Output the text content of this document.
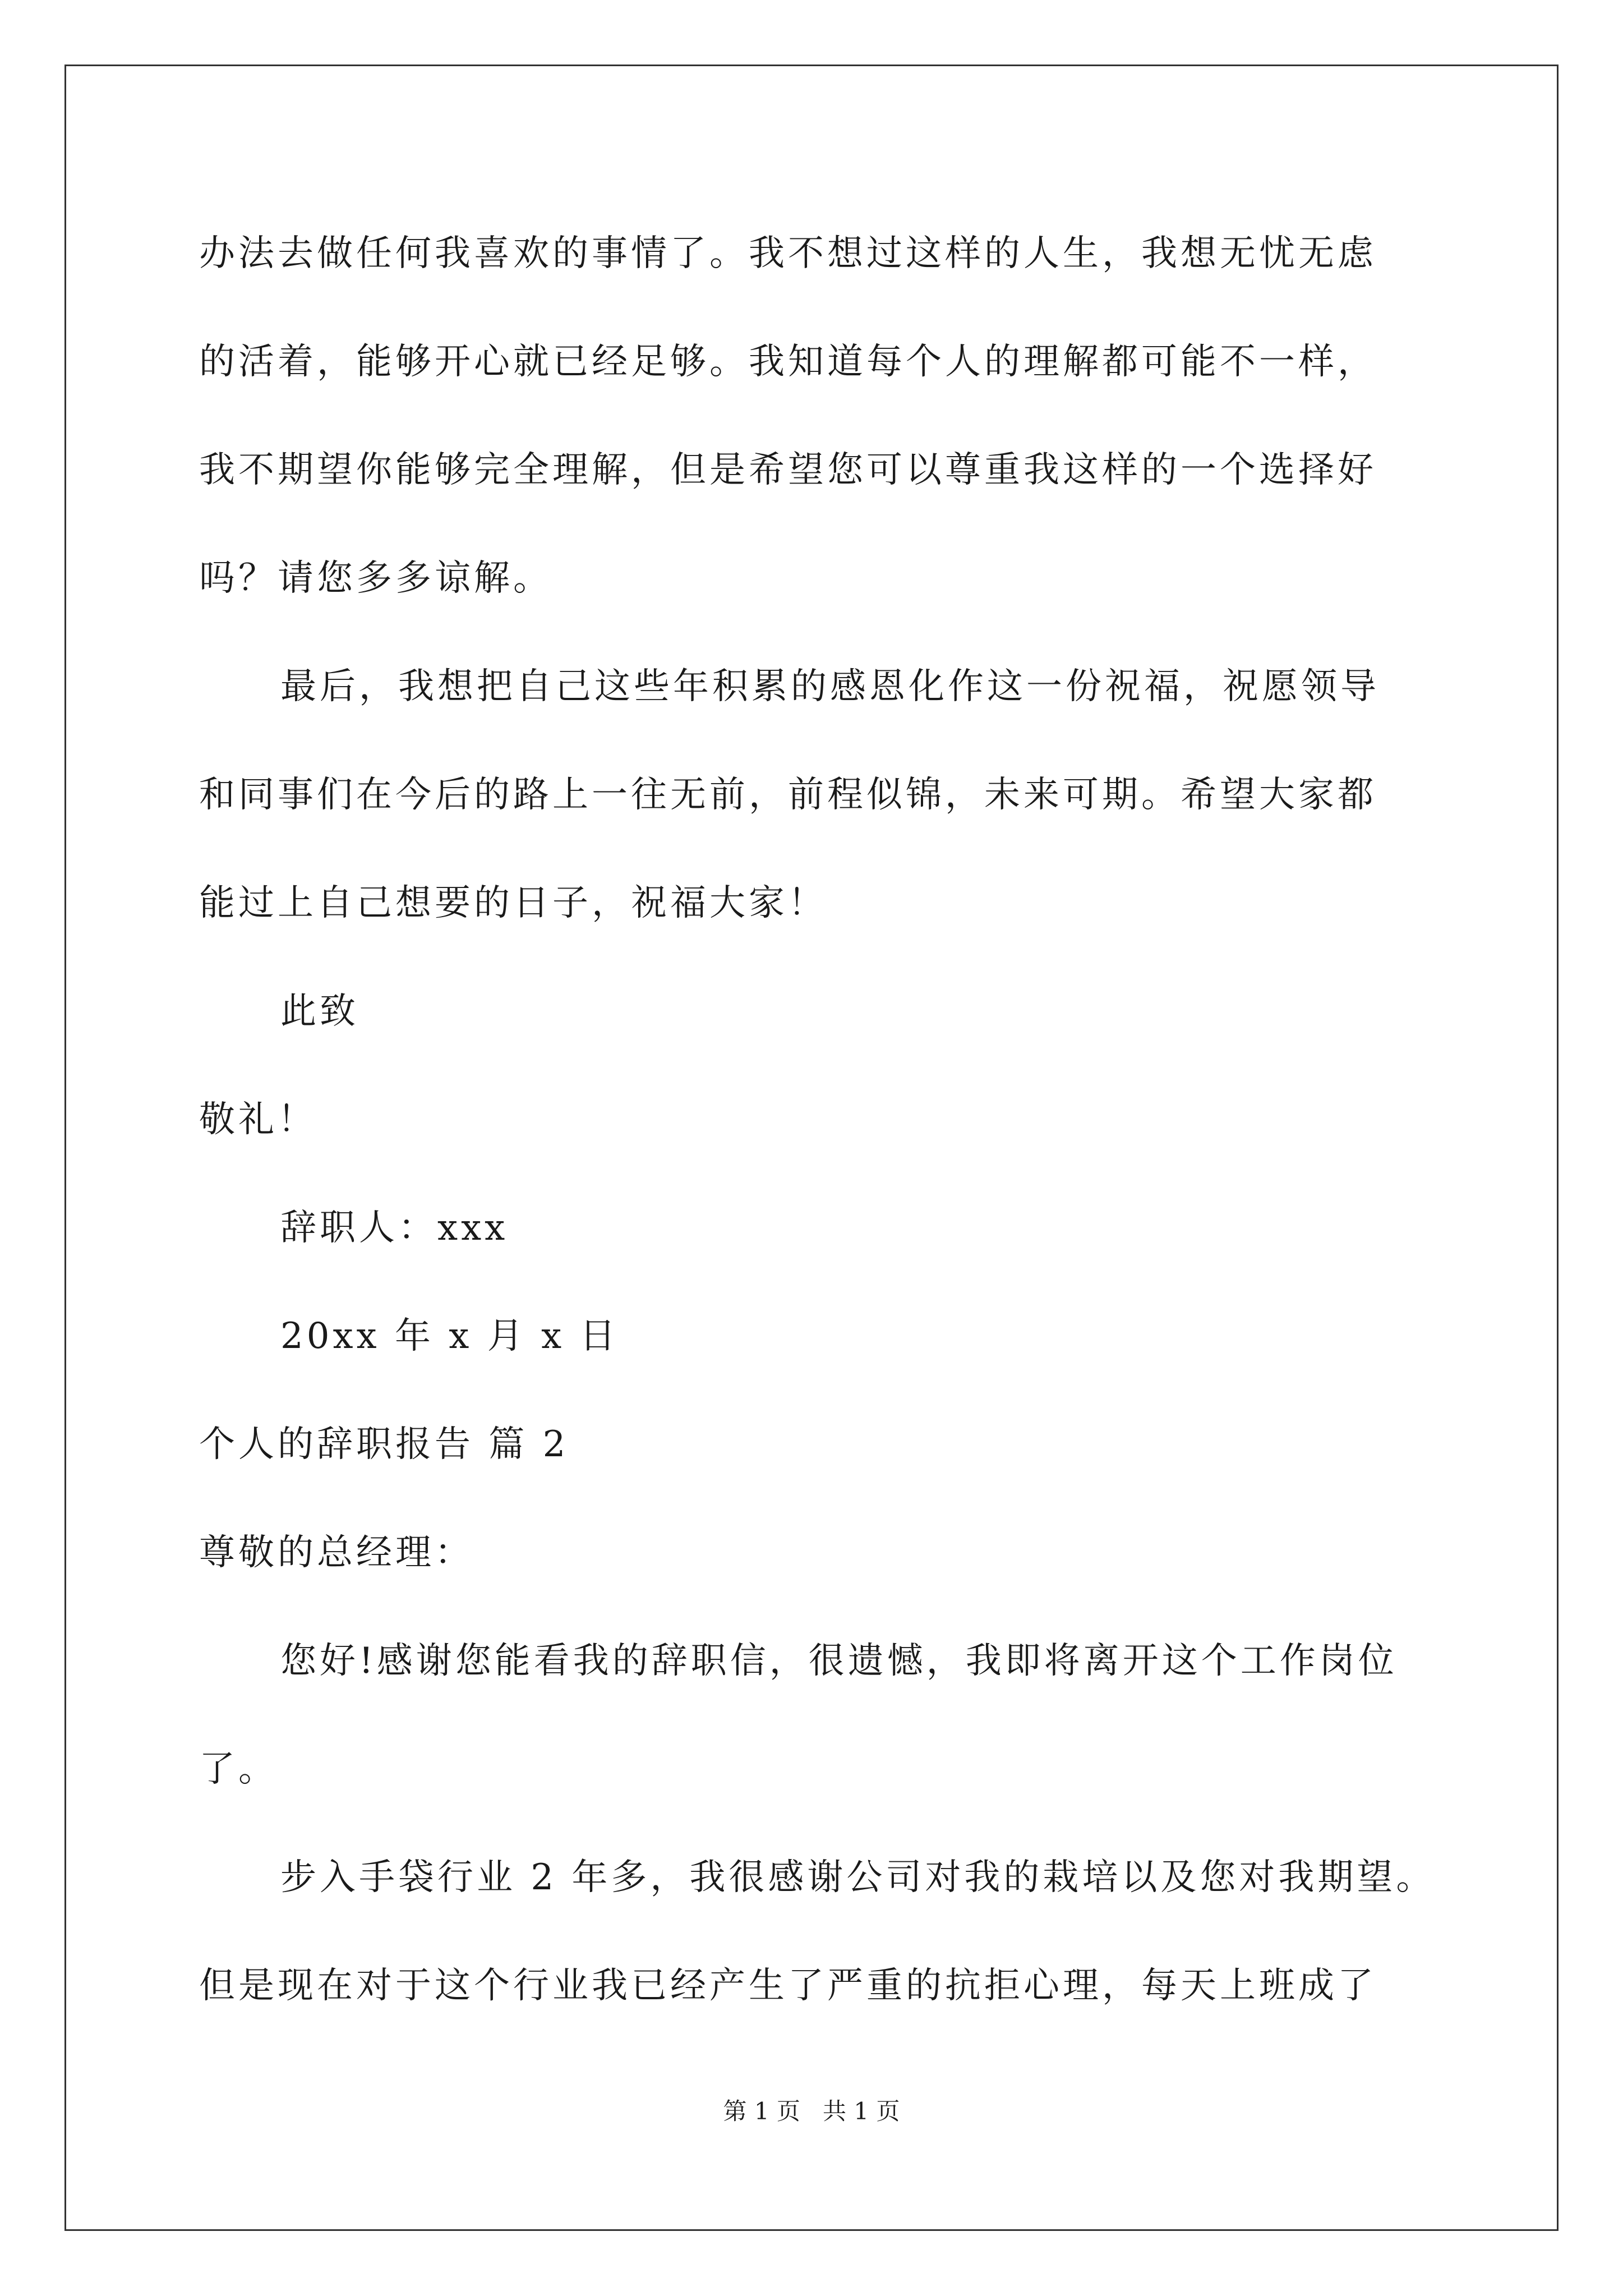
办法去做任何我喜欢的事情了。我不想过这样的人生，我想无忧无虑
的活着，能够开心就已经足够。我知道每个人的理解都可能不一样，
我不期望你能够完全理解，但是希望您可以尊重我这样的一个选择好
吗？请您多多谅解。
最后，我想把自己这些年积累的感恩化作这一份祝福，祝愿领导
和同事们在今后的路上一往无前，前程似锦，未来可期。希望大家都
能过上自己想要的日子，祝福大家！
此致
敬礼！
辞职人：xxx
20xx 年 x 月 x 日
个人的辞职报告 篇 2
尊敬的总经理：
您好!感谢您能看我的辞职信，很遗憾，我即将离开这个工作岗位
了。
步入手袋行业 2 年多，我很感谢公司对我的栽培以及您对我期望。
但是现在对于这个行业我已经产生了严重的抗拒心理，每天上班成了
第 1 页   共 1 页
